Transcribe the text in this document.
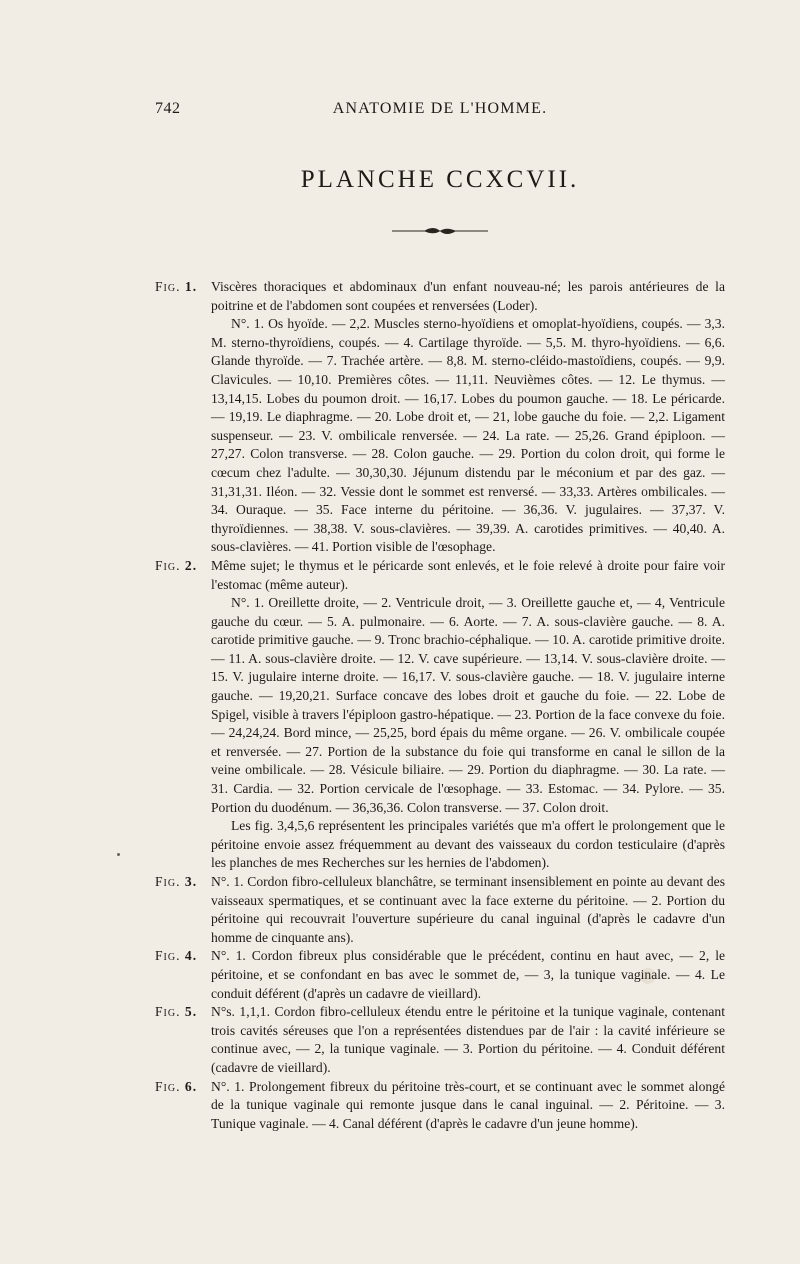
742	ANATOMIE DE L'HOMME.
PLANCHE CCXCVII.
Fig. 1. Viscères thoraciques et abdominaux d'un enfant nouveau-né; les parois antérieures de la poitrine et de l'abdomen sont coupées et renversées (Loder).

N°. 1. Os hyoïde. — 2,2. Muscles sterno-hyoïdiens et omoplat-hyoïdiens, coupés. — 3,3. M. sterno-thyroïdiens, coupés. — 4. Cartilage thyroïde. — 5,5. M. thyro-hyoïdiens. — 6,6. Glande thyroïde. — 7. Trachée artère. — 8,8. M. sterno-cléido-mastoïdiens, coupés. — 9,9. Clavicules. — 10,10. Premières côtes. — 11,11. Neuvièmes côtes. — 12. Le thymus. — 13,14,15. Lobes du poumon droit. — 16,17. Lobes du poumon gauche. — 18. Le péricarde. — 19,19. Le diaphragme. — 20. Lobe droit et, — 21, lobe gauche du foie. — 2,2. Ligament suspenseur. — 23. V. ombilicale renversée. — 24. La rate. — 25,26. Grand épiploon. — 27,27. Colon transverse. — 28. Colon gauche. — 29. Portion du colon droit, qui forme le cœcum chez l'adulte. — 30,30,30. Jéjunum distendu par le méconium et par des gaz. — 31,31,31. Iléon. — 32. Vessie dont le sommet est renversé. — 33,33. Artères ombilicales. — 34. Ouraque. — 35. Face interne du péritoine. — 36,36. V. jugulaires. — 37,37. V. thyroïdiennes. — 38,38. V. sous-clavières. — 39,39. A. carotides primitives. — 40,40. A. sous-clavières. — 41. Portion visible de l'œsophage.

Fig. 2. Même sujet; le thymus et le péricarde sont enlevés, et le foie relevé à droite pour faire voir l'estomac (même auteur).

N°. 1. Oreillette droite, — 2. Ventricule droit, — 3. Oreillette gauche et, — 4, Ventricule gauche du cœur. — 5. A. pulmonaire. — 6. Aorte. — 7. A. sous-clavière gauche. — 8. A. carotide primitive gauche. — 9. Tronc brachio-céphalique. — 10. A. carotide primitive droite. — 11. A. sous-clavière droite. — 12. V. cave supérieure. — 13,14. V. sous-clavière droite. — 15. V. jugulaire interne droite. — 16,17. V. sous-clavière gauche. — 18. V. jugulaire interne gauche. — 19,20,21. Surface concave des lobes droit et gauche du foie. — 22. Lobe de Spigel, visible à travers l'épiploon gastro-hépatique. — 23. Portion de la face convexe du foie. — 24,24,24. Bord mince, — 25,25, bord épais du même organe. — 26. V. ombilicale coupée et renversée. — 27. Portion de la substance du foie qui transforme en canal le sillon de la veine ombilicale. — 28. Vésicule biliaire. — 29. Portion du diaphragme. — 30. La rate. — 31. Cardia. — 32. Portion cervicale de l'œsophage. — 33. Estomac. — 34. Pylore. — 35. Portion du duodénum. — 36,36,36. Colon transverse. — 37. Colon droit.

Les fig. 3,4,5,6 représentent les principales variétés que m'a offert le prolongement que le péritoine envoie assez fréquemment au devant des vaisseaux du cordon testiculaire (d'après les planches de mes Recherches sur les hernies de l'abdomen).

Fig. 3. N°. 1. Cordon fibro-celluleux blanchâtre, se terminant insensiblement en pointe au devant des vaisseaux spermatiques, et se continuant avec la face externe du péritoine. — 2. Portion du péritoine qui recouvrait l'ouverture supérieure du canal inguinal (d'après le cadavre d'un homme de cinquante ans).

Fig. 4. N°. 1. Cordon fibreux plus considérable que le précédent, continu en haut avec, — 2, le péritoine, et se confondant en bas avec le sommet de, — 3, la tunique vaginale. — 4. Le conduit déférent (d'après un cadavre de vieillard).

Fig. 5. N°s. 1,1,1. Cordon fibro-celluleux étendu entre le péritoine et la tunique vaginale, contenant trois cavités séreuses que l'on a représentées distendues par de l'air : la cavité inférieure se continue avec, — 2, la tunique vaginale. — 3. Portion du péritoine. — 4. Conduit déférent (cadavre de vieillard).

Fig. 6. N°. 1. Prolongement fibreux du péritoine très-court, et se continuant avec le sommet alongé de la tunique vaginale qui remonte jusque dans le canal inguinal. — 2. Péritoine. — 3. Tunique vaginale. — 4. Canal déférent (d'après le cadavre d'un jeune homme).
